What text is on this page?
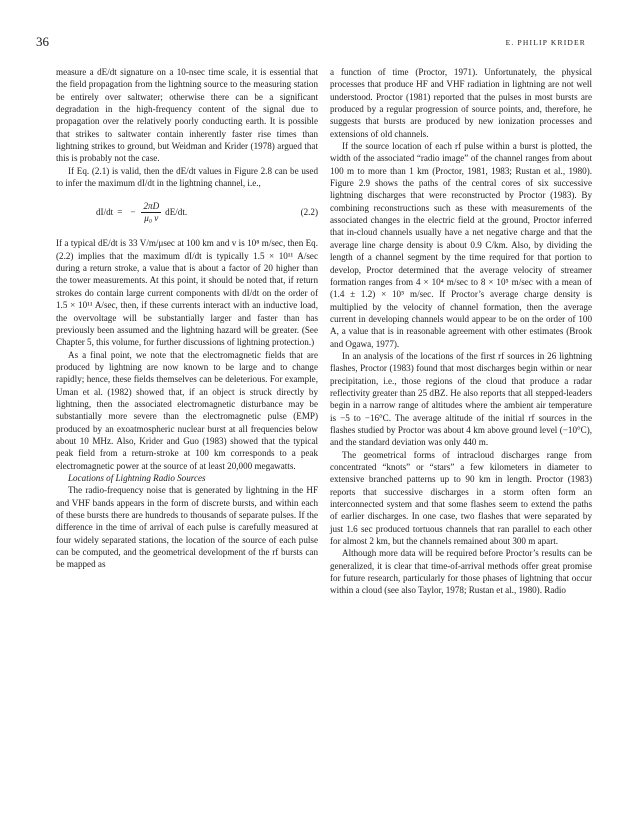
36	E. PHILIP KRIDER

measure a dE/dt signature on a 10-nsec time scale, it is essential that the field propagation from the lightning source to the measuring station be entirely over saltwater; otherwise there can be a significant degradation in the high-frequency content of the signal due to propagation over the relatively poorly conducting earth. It is possible that strikes to saltwater contain inherently faster rise times than lightning strikes to ground, but Weidman and Krider (1978) argued that this is probably not the case.

If Eq. (2.1) is valid, then the dE/dt values in Figure 2.8 can be used to infer the maximum dI/dt in the lightning channel, i.e.,

dI/dt = − $\frac{2\pi D}{\text{μ₀ v}} dE/dt$.	(2.2)

If a typical dE/dt is 33 V/m/μsec at 100 km and v is 10⁸ m/sec, then Eq. (2.2) implies that the maximum dI/dt is typically 1.5 × 10¹¹ A/sec during a return stroke, a value that is about a factor of 20 higher than the tower measurements. At this point, it should be noted that, if return strokes do contain large current components with dI/dt on the order of 1.5 × 10¹¹ A/sec, then, if these currents interact with an inductive load, the overvoltage will be substantially larger and faster than has previously been assumed and the lightning hazard will be greater. (See Chapter 5, this volume, for further discussions of lightning protection.)

As a final point, we note that the electromagnetic fields that are produced by lightning are now known to be large and to change rapidly; hence, these fields themselves can be deleterious. For example, Uman et al. (1982) showed that, if an object is struck directly by lightning, then the associated electromagnetic disturbance may be substantially more severe than the electromagnetic pulse (EMP) produced by an exoatmospheric nuclear burst at all frequencies below about 10 MHz. Also, Krider and Guo (1983) showed that the typical peak field from a return-stroke at 100 km corresponds to a peak electromagnetic power at the source of at least 20,000 megawatts.

Locations of Lightning Radio Sources

The radio-frequency noise that is generated by lightning in the HF and VHF bands appears in the form of discrete bursts, and within each of these bursts there are hundreds to thousands of separate pulses. If the difference in the time of arrival of each pulse is carefully measured at four widely separated stations, the location of the source of each pulse can be computed, and the geometrical development of the rf bursts can be mapped as

a function of time (Proctor, 1971). Unfortunately, the physical processes that produce HF and VHF radiation in lightning are not well understood. Proctor (1981) reported that the pulses in most bursts are produced by a regular progression of source points, and, therefore, he suggests that bursts are produced by new ionization processes and extensions of old channels.

If the source location of each rf pulse within a burst is plotted, the width of the associated “radio image” of the channel ranges from about 100 m to more than 1 km (Proctor, 1981, 1983; Rustan et al., 1980). Figure 2.9 shows the paths of the central cores of six successive lightning discharges that were reconstructed by Proctor (1983). By combining reconstructions such as these with measurements of the associated changes in the electric field at the ground, Proctor inferred that in-cloud channels usually have a net negative charge and that the average line charge density is about 0.9 C/km. Also, by dividing the length of a channel segment by the time required for that portion to develop, Proctor determined that the average velocity of streamer formation ranges from 4 × 10⁴ m/sec to 8 × 10⁵ m/sec with a mean of (1.4 ± 1.2) × 10⁵ m/sec. If Proctor’s average charge density is multiplied by the velocity of channel formation, then the average current in developing channels would appear to be on the order of 100 A, a value that is in reasonable agreement with other estimates (Brook and Ogawa, 1977).

In an analysis of the locations of the first rf sources in 26 lightning flashes, Proctor (1983) found that most discharges begin within or near precipitation, i.e., those regions of the cloud that produce a radar reflectivity greater than 25 dBZ. He also reports that all stepped-leaders begin in a narrow range of altitudes where the ambient air temperature is −5 to −16°C. The average altitude of the initial rf sources in the flashes studied by Proctor was about 4 km above ground level (−10°C), and the standard deviation was only 440 m.

The geometrical forms of intracloud discharges range from concentrated “knots” or “stars” a few kilometers in diameter to extensive branched patterns up to 90 km in length. Proctor (1983) reports that successive discharges in a storm often form an interconnected system and that some flashes seem to extend the paths of earlier discharges. In one case, two flashes that were separated by just 1.6 sec produced tortuous channels that ran parallel to each other for almost 2 km, but the channels remained about 300 m apart.

Although more data will be required before Proctor’s results can be generalized, it is clear that time-of-arrival methods offer great promise for future research, particularly for those phases of lightning that occur within a cloud (see also Taylor, 1978; Rustan et al., 1980). Radio
